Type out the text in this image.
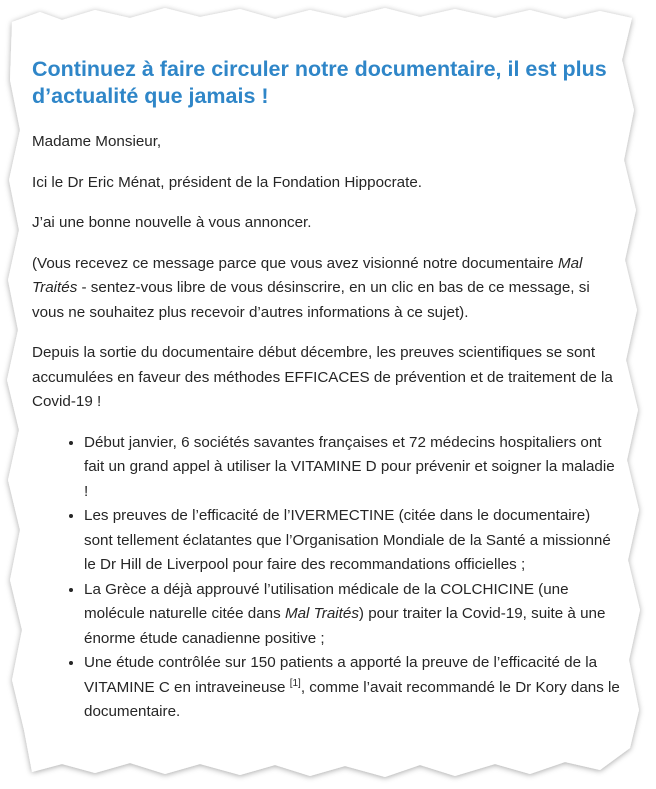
Continuez à faire circuler notre documentaire, il est plus d’actualité que jamais !

Madame Monsieur,

Ici le Dr Eric Ménat, président de la Fondation Hippocrate.

J’ai une bonne nouvelle à vous annoncer.

(Vous recevez ce message parce que vous avez visionné notre documentaire Mal Traités - sentez-vous libre de vous désinscrire, en un clic en bas de ce message, si vous ne souhaitez plus recevoir d’autres informations à ce sujet).

Depuis la sortie du documentaire début décembre, les preuves scientifiques se sont accumulées en faveur des méthodes EFFICACES de prévention et de traitement de la Covid-19 !

• Début janvier, 6 sociétés savantes françaises et 72 médecins hospitaliers ont fait un grand appel à utiliser la VITAMINE D pour prévenir et soigner la maladie !
• Les preuves de l’efficacité de l’IVERMECTINE (citée dans le documentaire) sont tellement éclatantes que l’Organisation Mondiale de la Santé a missionné le Dr Hill de Liverpool pour faire des recommandations officielles ;
• La Grèce a déjà approuvé l’utilisation médicale de la COLCHICINE (une molécule naturelle citée dans Mal Traités) pour traiter la Covid-19, suite à une énorme étude canadienne positive ;
• Une étude contrôlée sur 150 patients a apporté la preuve de l’efficacité de la VITAMINE C en intraveineuse [1], comme l’avait recommandé le Dr Kory dans le documentaire.
